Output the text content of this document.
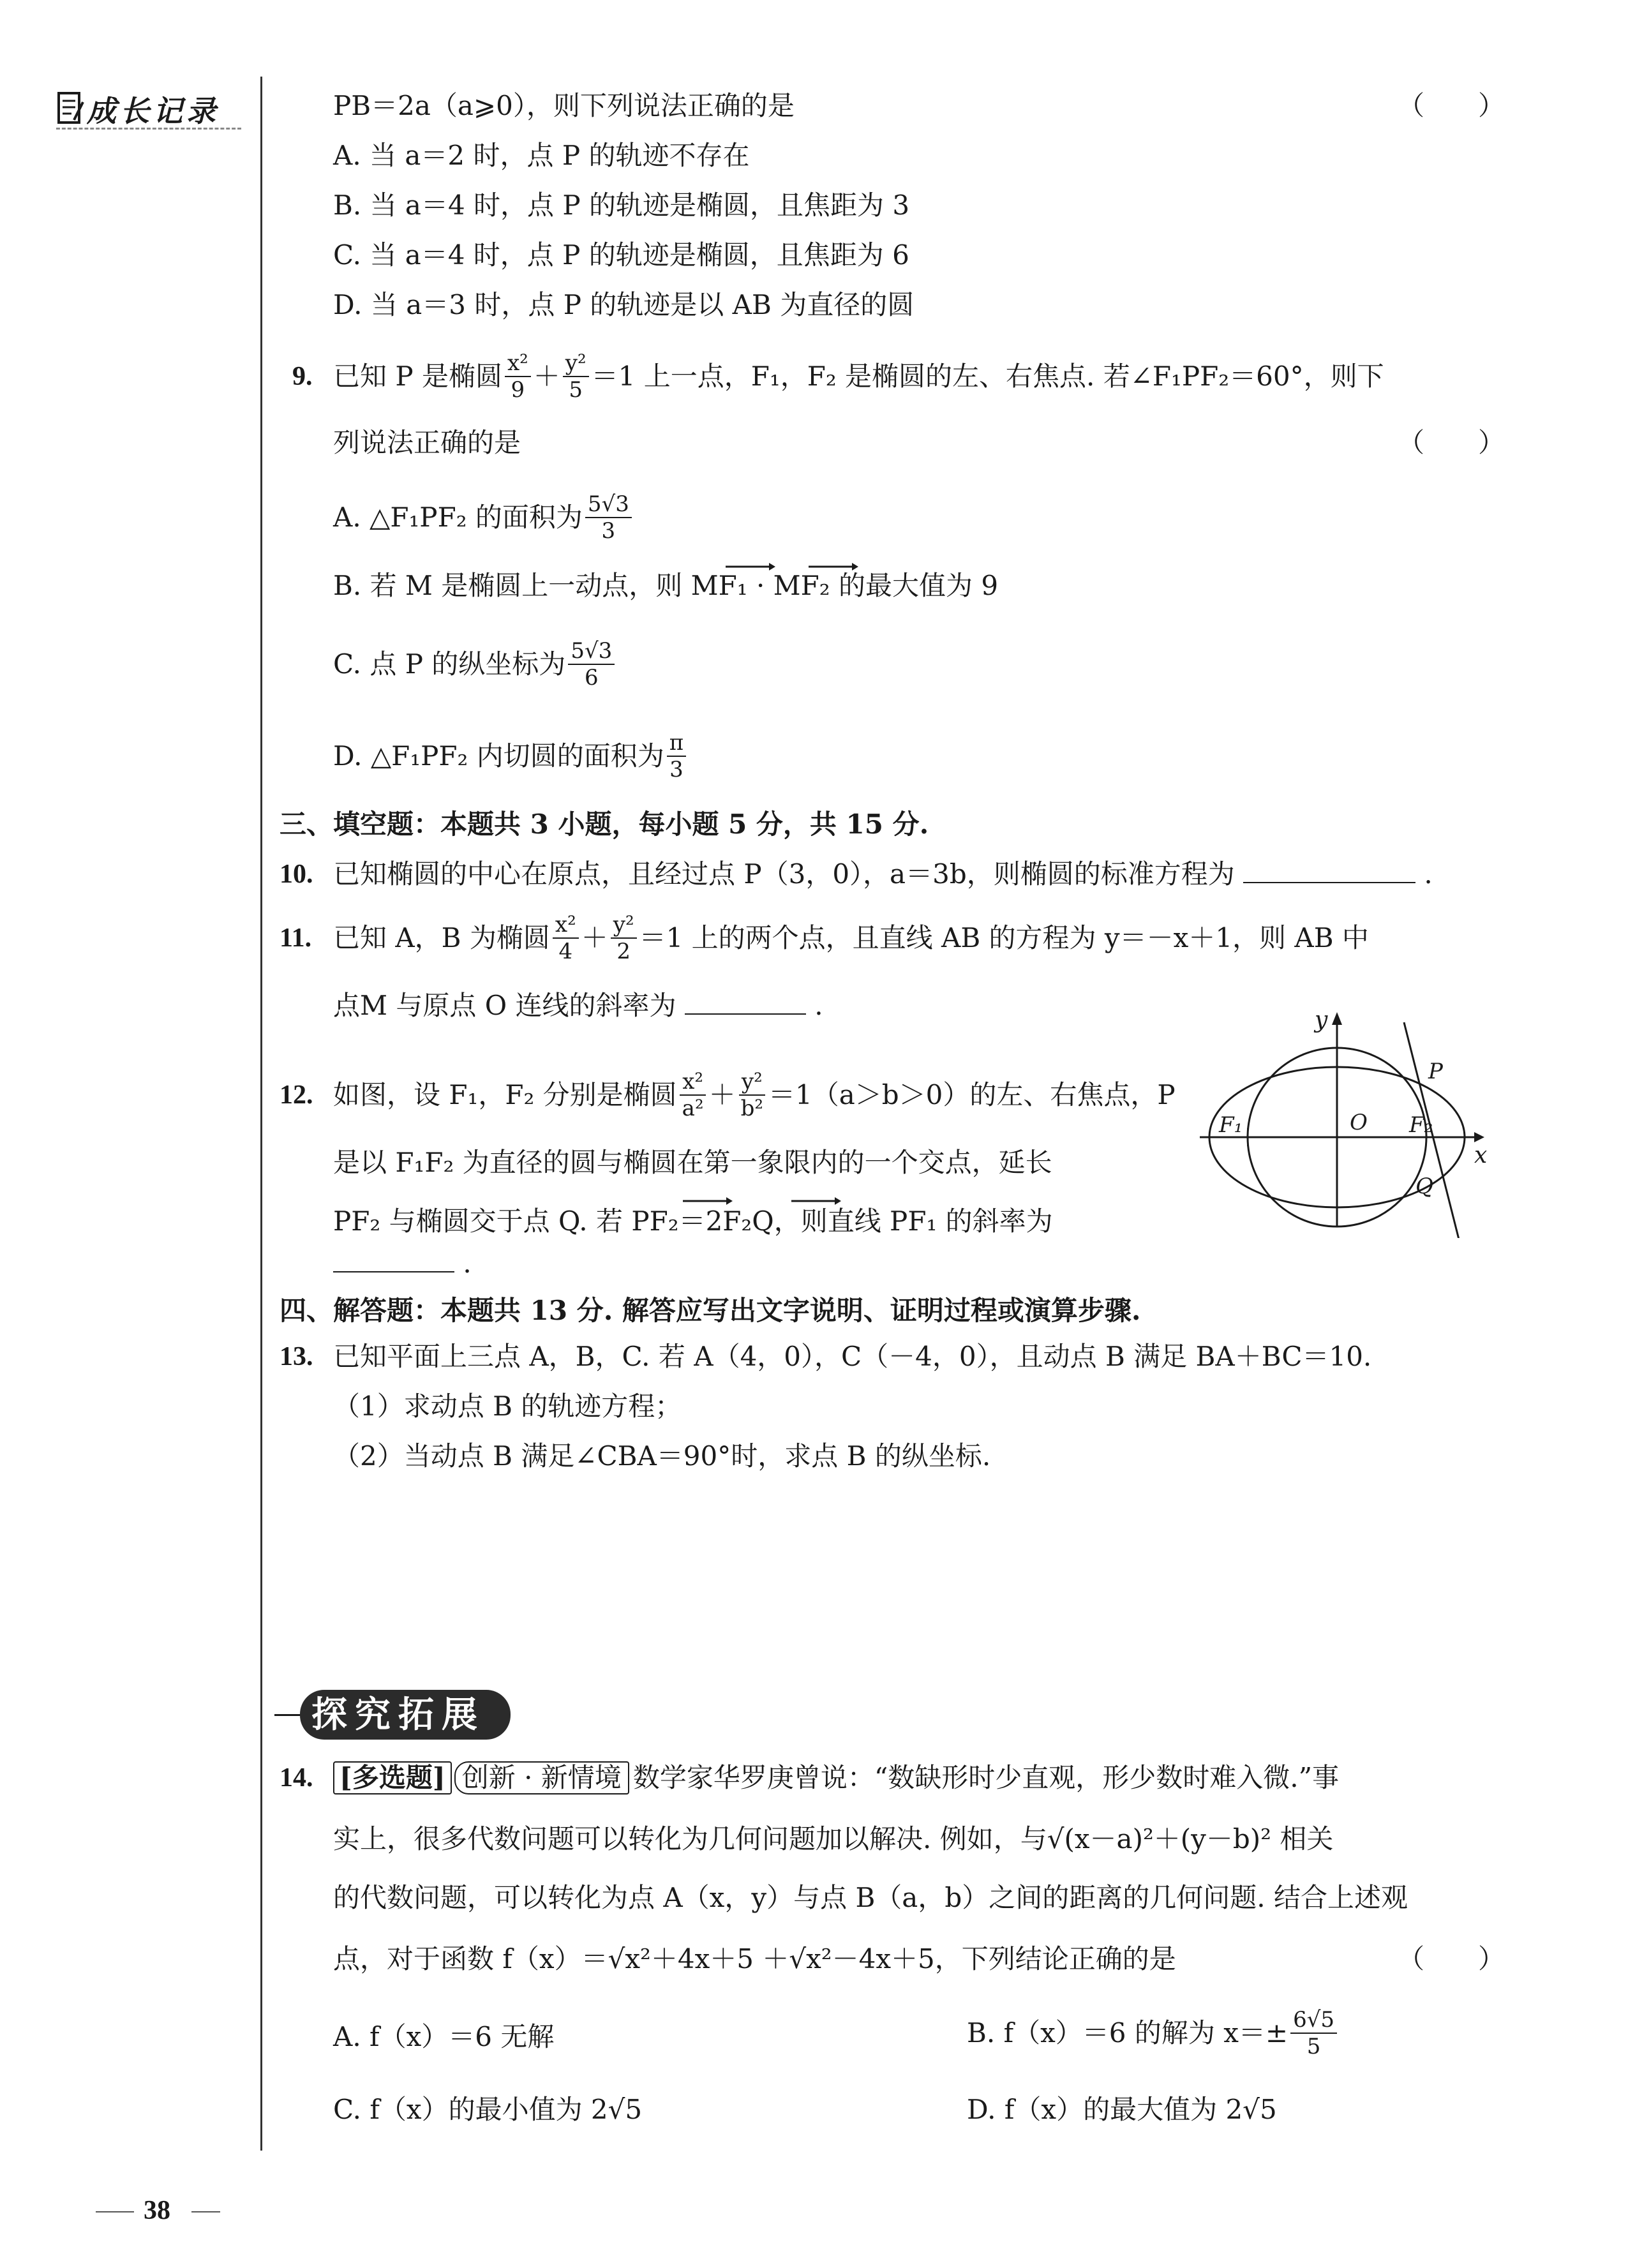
成长记录
38
PB＝2a（a⩾0），则下列说法正确的是	（　　）
A. 当 a＝2 时，点 P 的轨迹不存在
B. 当 a＝4 时，点 P 的轨迹是椭圆，且焦距为 3
C. 当 a＝4 时，点 P 的轨迹是椭圆，且焦距为 6
D. 当 a＝3 时，点 P 的轨迹是以 AB 为直径的圆
9. 已知 P 是椭圆 $\frac{\text{x²}}{9} + \frac{\text{y²}}{5} =1$ 上一点，F₁，F₂ 是椭圆的左、右焦点. 若∠F₁PF₂＝60°，则下
列说法正确的是	（　　）
A. △F₁PF₂ 的面积为 $\frac{5√3}{3}$
B. 若 M 是椭圆上一动点，则 MF₁ · MF₂ 的最大值为 9
C. 点 P 的纵坐标为 $\frac{5√3}{6}$
D. △F₁PF₂ 内切圆的面积为 $\frac{\pi}{3}$
三、填空题：本题共 3 小题，每小题 5 分，共 15 分.
10. 已知椭圆的中心在原点，且经过点 P（3，0），a＝3b，则椭圆的标准方程为	.
11. 已知 A，B 为椭圆 $\frac{\text{x²}}{4} + \frac{\text{y²}}{2} =1$ 上的两个点，且直线 AB 的方程为 y＝－x＋1，则 AB 中
点M 与原点 O 连线的斜率为	.
12. 如图，设 F₁，F₂ 分别是椭圆 $\frac{\text{x²}}{\text{a²}} + \frac{\text{y²}}{\text{b²}} =1(a>b>0)$的左、右焦点，P
是以 F₁F₂ 为直径的圆与椭圆在第一象限内的一个交点，延长
PF₂ 与椭圆交于点 Q. 若 PF₂＝2F₂Q，则直线 PF₁ 的斜率为
.
y
x
P
O
F₁	F₂
Q
四、解答题：本题共 13 分. 解答应写出文字说明、证明过程或演算步骤.
13. 已知平面上三点 A，B，C. 若 A（4，0），C（－4，0），且动点 B 满足 BA＋BC＝10.
（1）求动点 B 的轨迹方程；
（2）当动点 B 满足∠CBA＝90°时，求点 B 的纵坐标.
探究拓展
14. [多选题] 创新 · 新情境 数学家华罗庚曾说：“数缺形时少直观，形少数时难入微.”事
实上，很多代数问题可以转化为几何问题加以解决. 例如，与√(x－a)²＋(y－b)² 相关
的代数问题，可以转化为点 A（x，y）与点 B（a，b）之间的距离的几何问题. 结合上述观
点，对于函数 f（x）＝√x²＋4x＋5 ＋√x²－4x＋5，下列结论正确的是	（　　）
A. f（x）＝6 无解	B. f（x）＝6 的解为 $x=\pm \frac{6√5}{5}$
C. f（x）的最小值为 2√5	D. f（x）的最大值为 2√5
